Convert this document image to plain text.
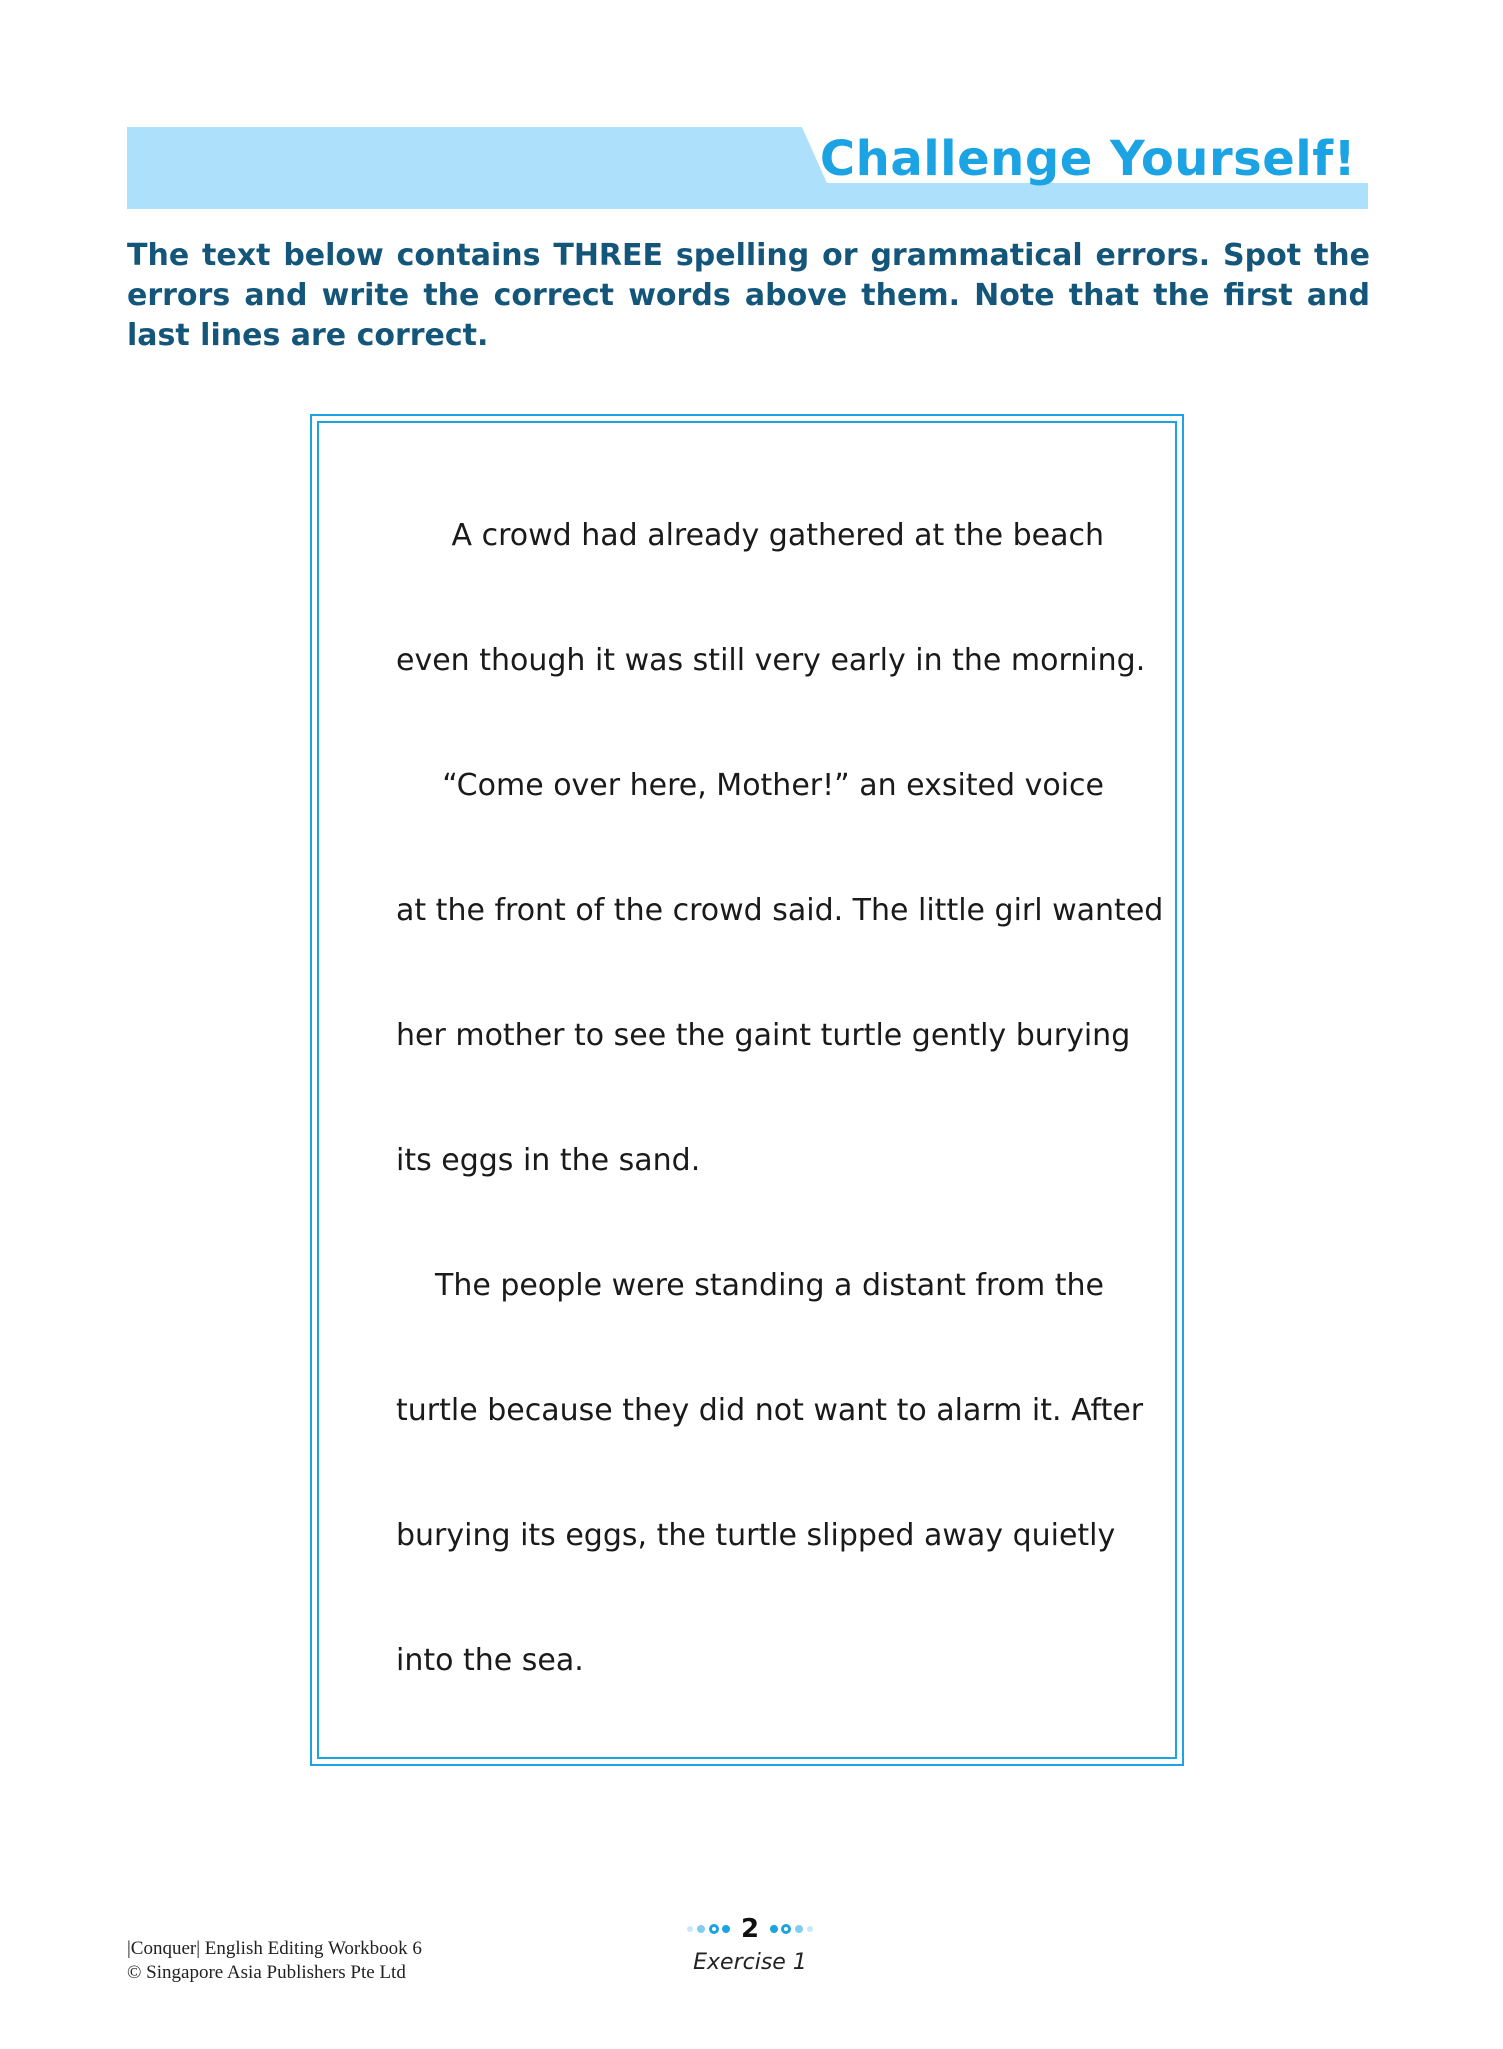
Challenge Yourself!

The text below contains THREE spelling or grammatical errors. Spot the errors and write the correct words above them. Note that the first and last lines are correct.

A crowd had already gathered at the beach

even though it was still very early in the morning.

“Come over here, Mother!” an exsited voice

at the front of the crowd said. The little girl wanted

her mother to see the gaint turtle gently burying

its eggs in the sand.

The people were standing a distant from the

turtle because they did not want to alarm it. After

burying its eggs, the turtle slipped away quietly

into the sea.

|Conquer| English Editing Workbook 6
© Singapore Asia Publishers Pte Ltd
2
Exercise 1
